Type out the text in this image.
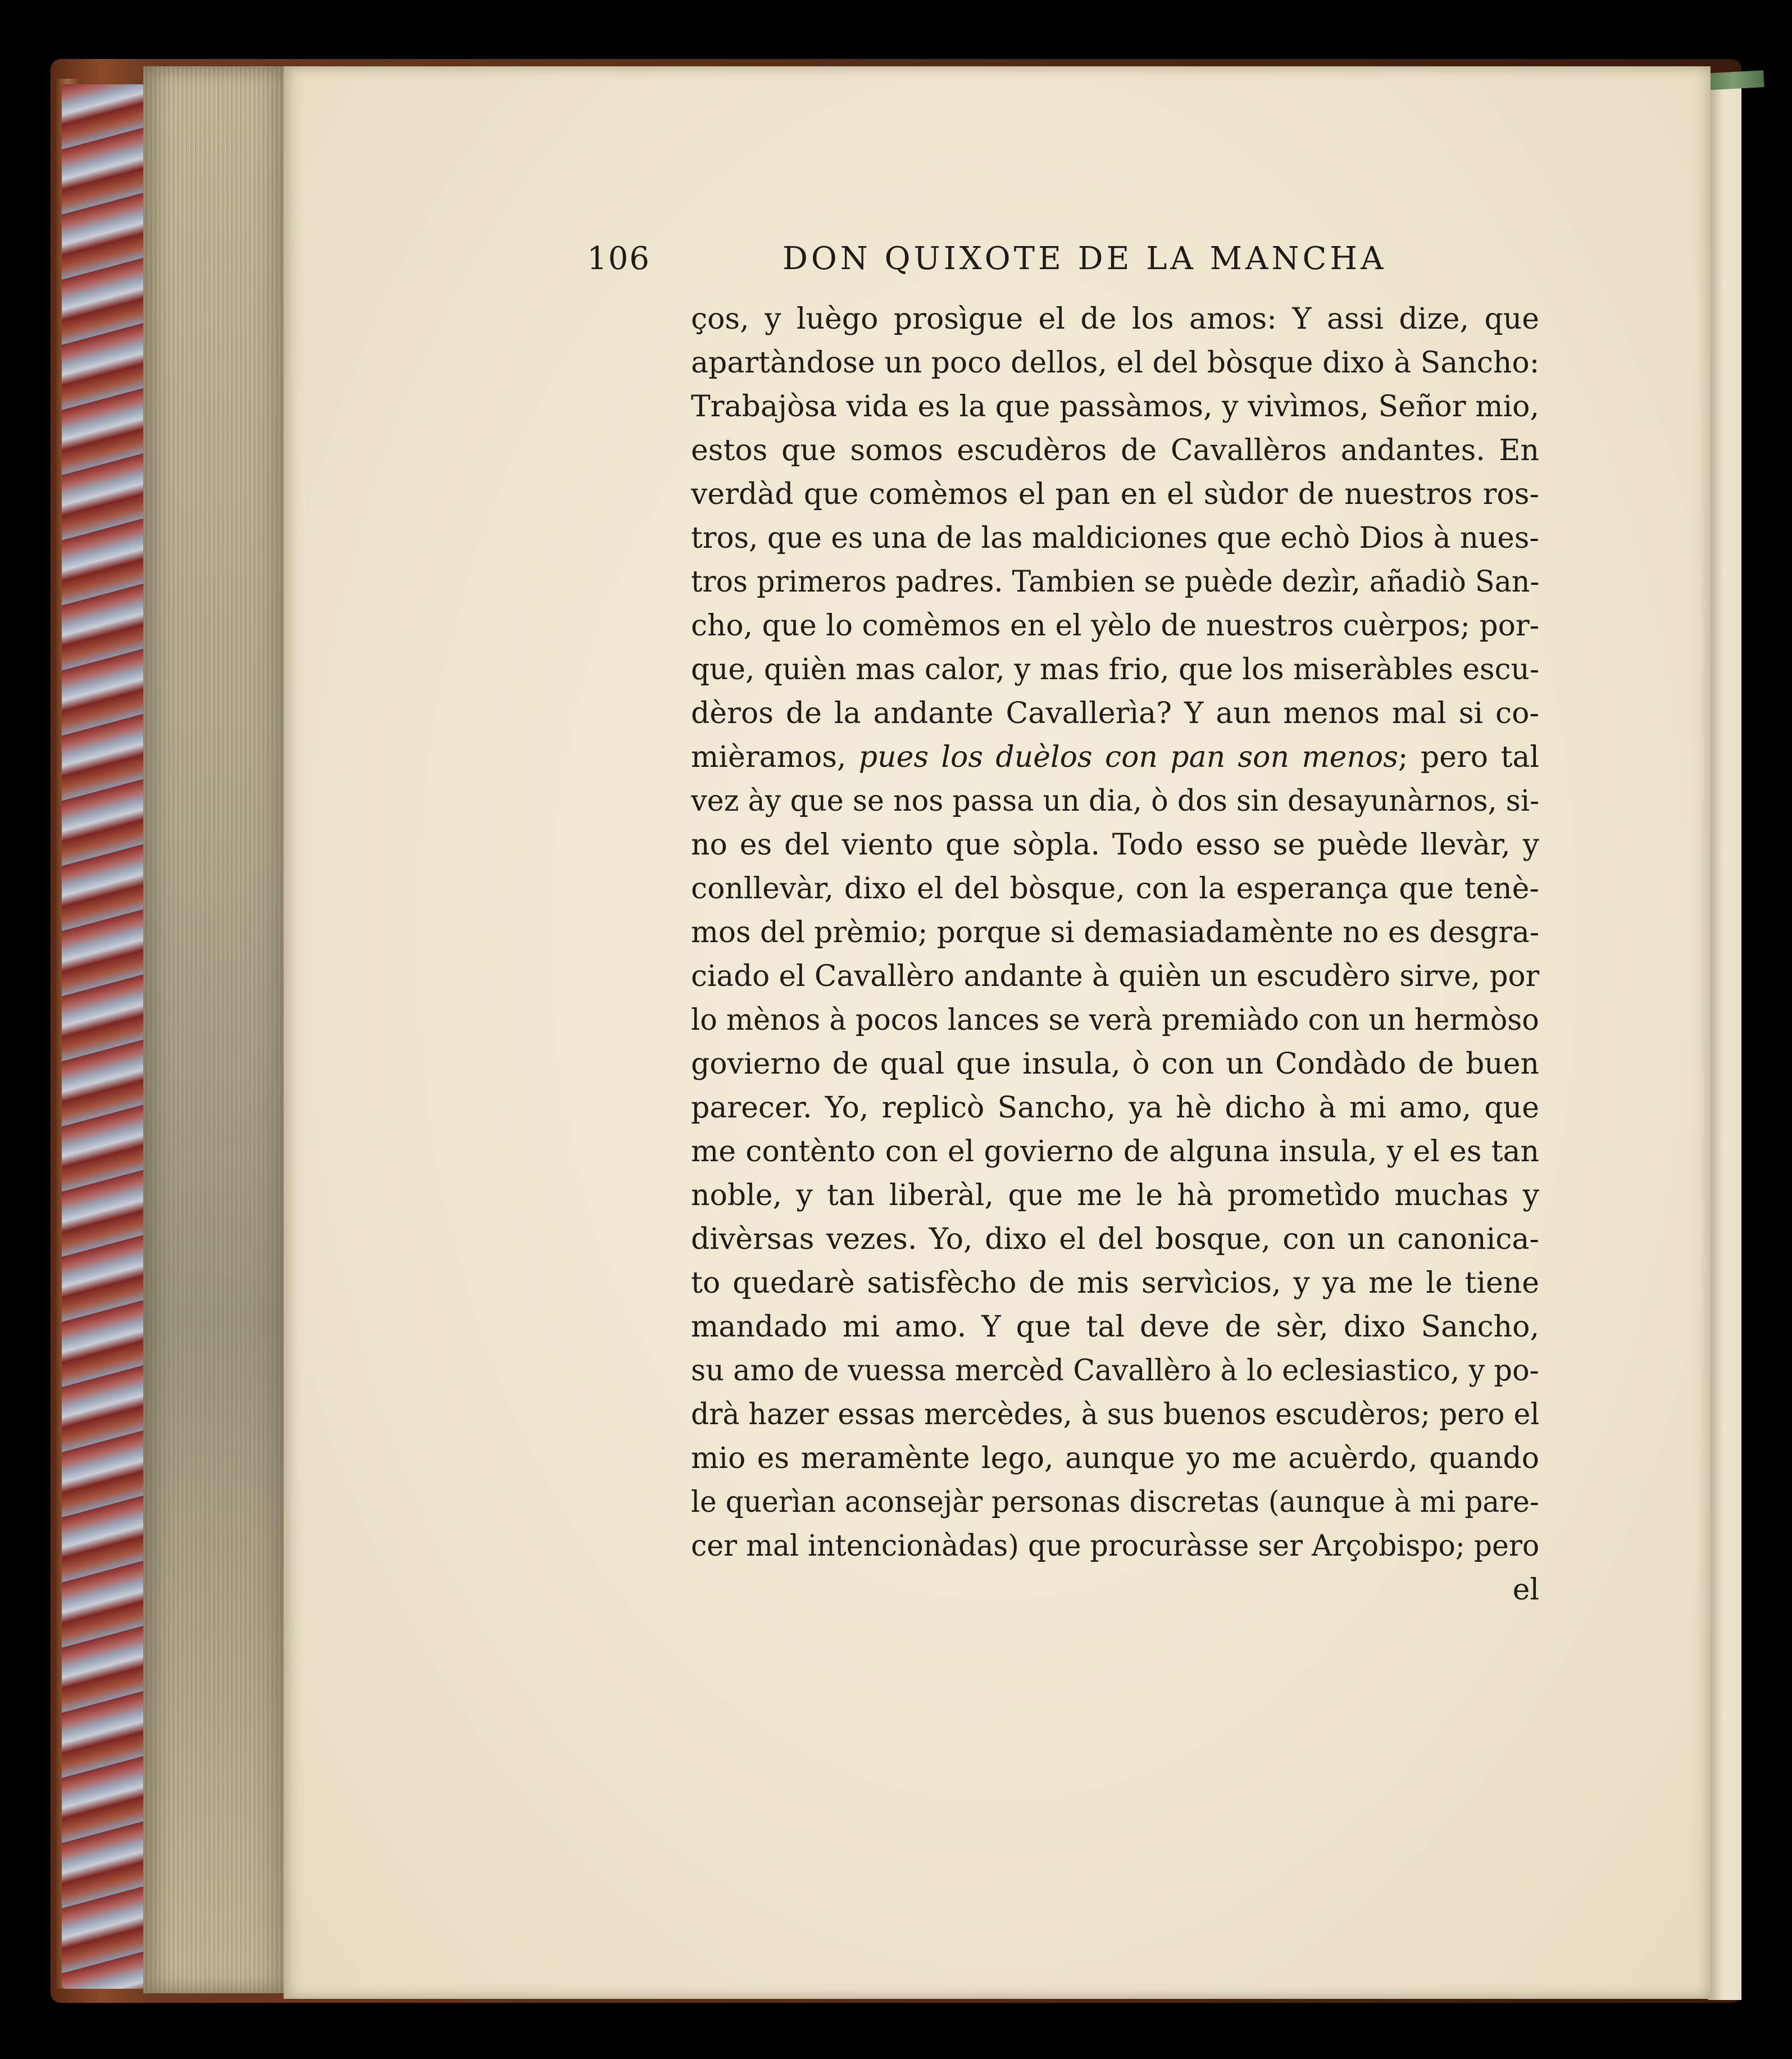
106	DON QUIXOTE DE LA MANCHA
ços, y luègo prosìgue el de los amos: Y assi dize, que
apartàndose un poco dellos, el del bòsque dixo à Sancho:
Trabajòsa vida es la que passàmos, y vivìmos, Señor mio,
estos que somos escudèros de Cavallèros andantes. En
verdàd que comèmos el pan en el sùdor de nuestros ros-
tros, que es una de las maldiciones que echò Dios à nues-
tros primeros padres. Tambien se puède dezìr, añadiò San-
cho, que lo comèmos en el yèlo de nuestros cuèrpos; por-
que, quièn mas calor, y mas frio, que los miseràbles escu-
dèros de la andante Cavallerìa? Y aun menos mal si co-
mièramos, pues los duèlos con pan son menos; pero tal
vez ày que se nos passa un dia, ò dos sin desayunàrnos, si-
no es del viento que sòpla. Todo esso se puède llevàr, y
conllevàr, dixo el del bòsque, con la esperança que tenè-
mos del prèmio; porque si demasiadamènte no es desgra-
ciado el Cavallèro andante à quièn un escudèro sirve, por
lo mènos à pocos lances se verà premiàdo con un hermòso
govierno de qual que insula, ò con un Condàdo de buen
parecer. Yo, replicò Sancho, ya hè dicho à mi amo, que
me contènto con el govierno de alguna insula, y el es tan
noble, y tan liberàl, que me le hà prometìdo muchas y
divèrsas vezes. Yo, dixo el del bosque, con un canonica-
to quedarè satisfècho de mis servìcios, y ya me le tiene
mandado mi amo. Y que tal deve de sèr, dixo Sancho,
su amo de vuessa mercèd Cavallèro à lo eclesiastico, y po-
drà hazer essas mercèdes, à sus buenos escudèros; pero el
mio es meramènte lego, aunque yo me acuèrdo, quando
le querìan aconsejàr personas discretas (aunque à mi pare-
cer mal intencionàdas) que procuràsse ser Arçobispo; pero
el
